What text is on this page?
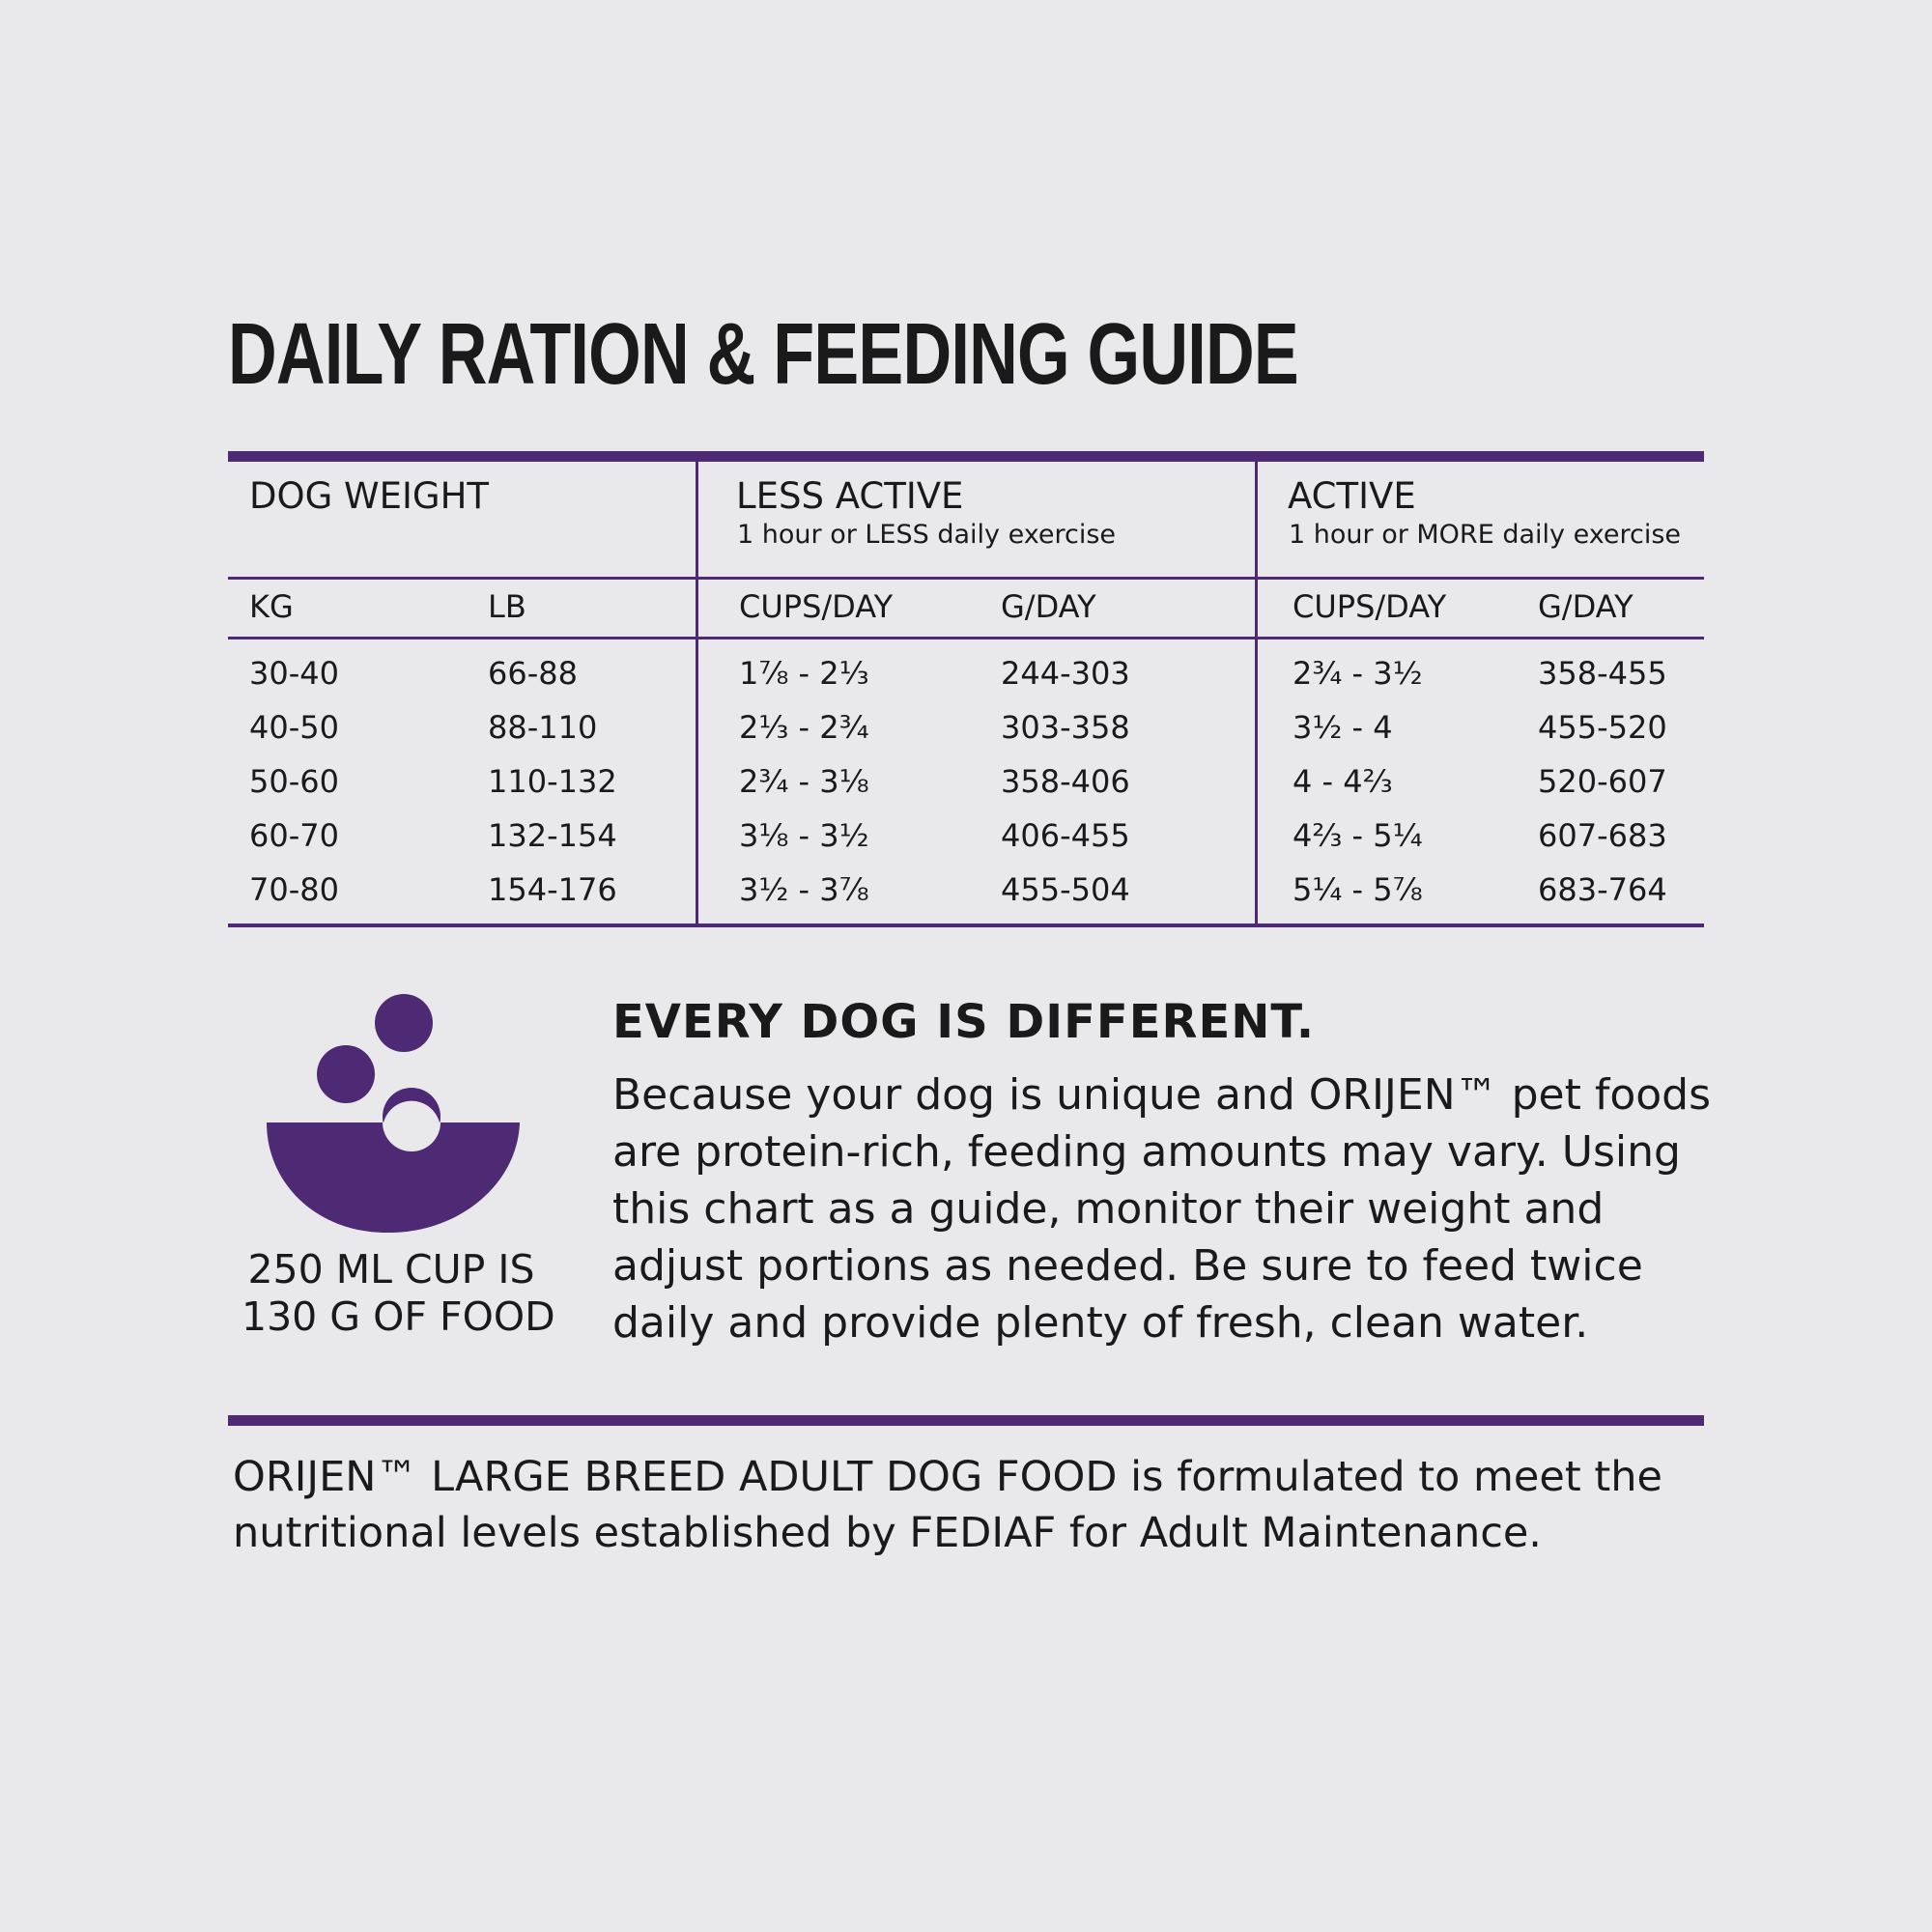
DAILY RATION & FEEDING GUIDE
DOG WEIGHT	LESS ACTIVE
1 hour or LESS daily exercise
ACTIVE
1 hour or MORE daily exercise
KG	LB	CUPS/DAY	G/DAY	CUPS/DAY	G/DAY
30-40	66-88	1⅞ - 2⅓	244-303	2¾ - 3½	358-455
40-50	88-110	2⅓ - 2¾	303-358	3½ - 4	455-520
50-60	110-132	2¾ - 3⅛	358-406	4 - 4⅔	520-607
60-70	132-154	3⅛ - 3½	406-455	4⅔ - 5¼	607-683
70-80	154-176	3½ - 3⅞	455-504	5¼ - 5⅞	683-764
250 ML CUP IS
130 G OF FOOD
EVERY DOG IS DIFFERENT.
Because your dog is unique and ORIJEN™ pet foods are protein-rich, feeding amounts may vary. Using this chart as a guide, monitor their weight and adjust portions as needed. Be sure to feed twice daily and provide plenty of fresh, clean water.
ORIJEN™ LARGE BREED ADULT DOG FOOD is formulated to meet the nutritional levels established by FEDIAF for Adult Maintenance.
